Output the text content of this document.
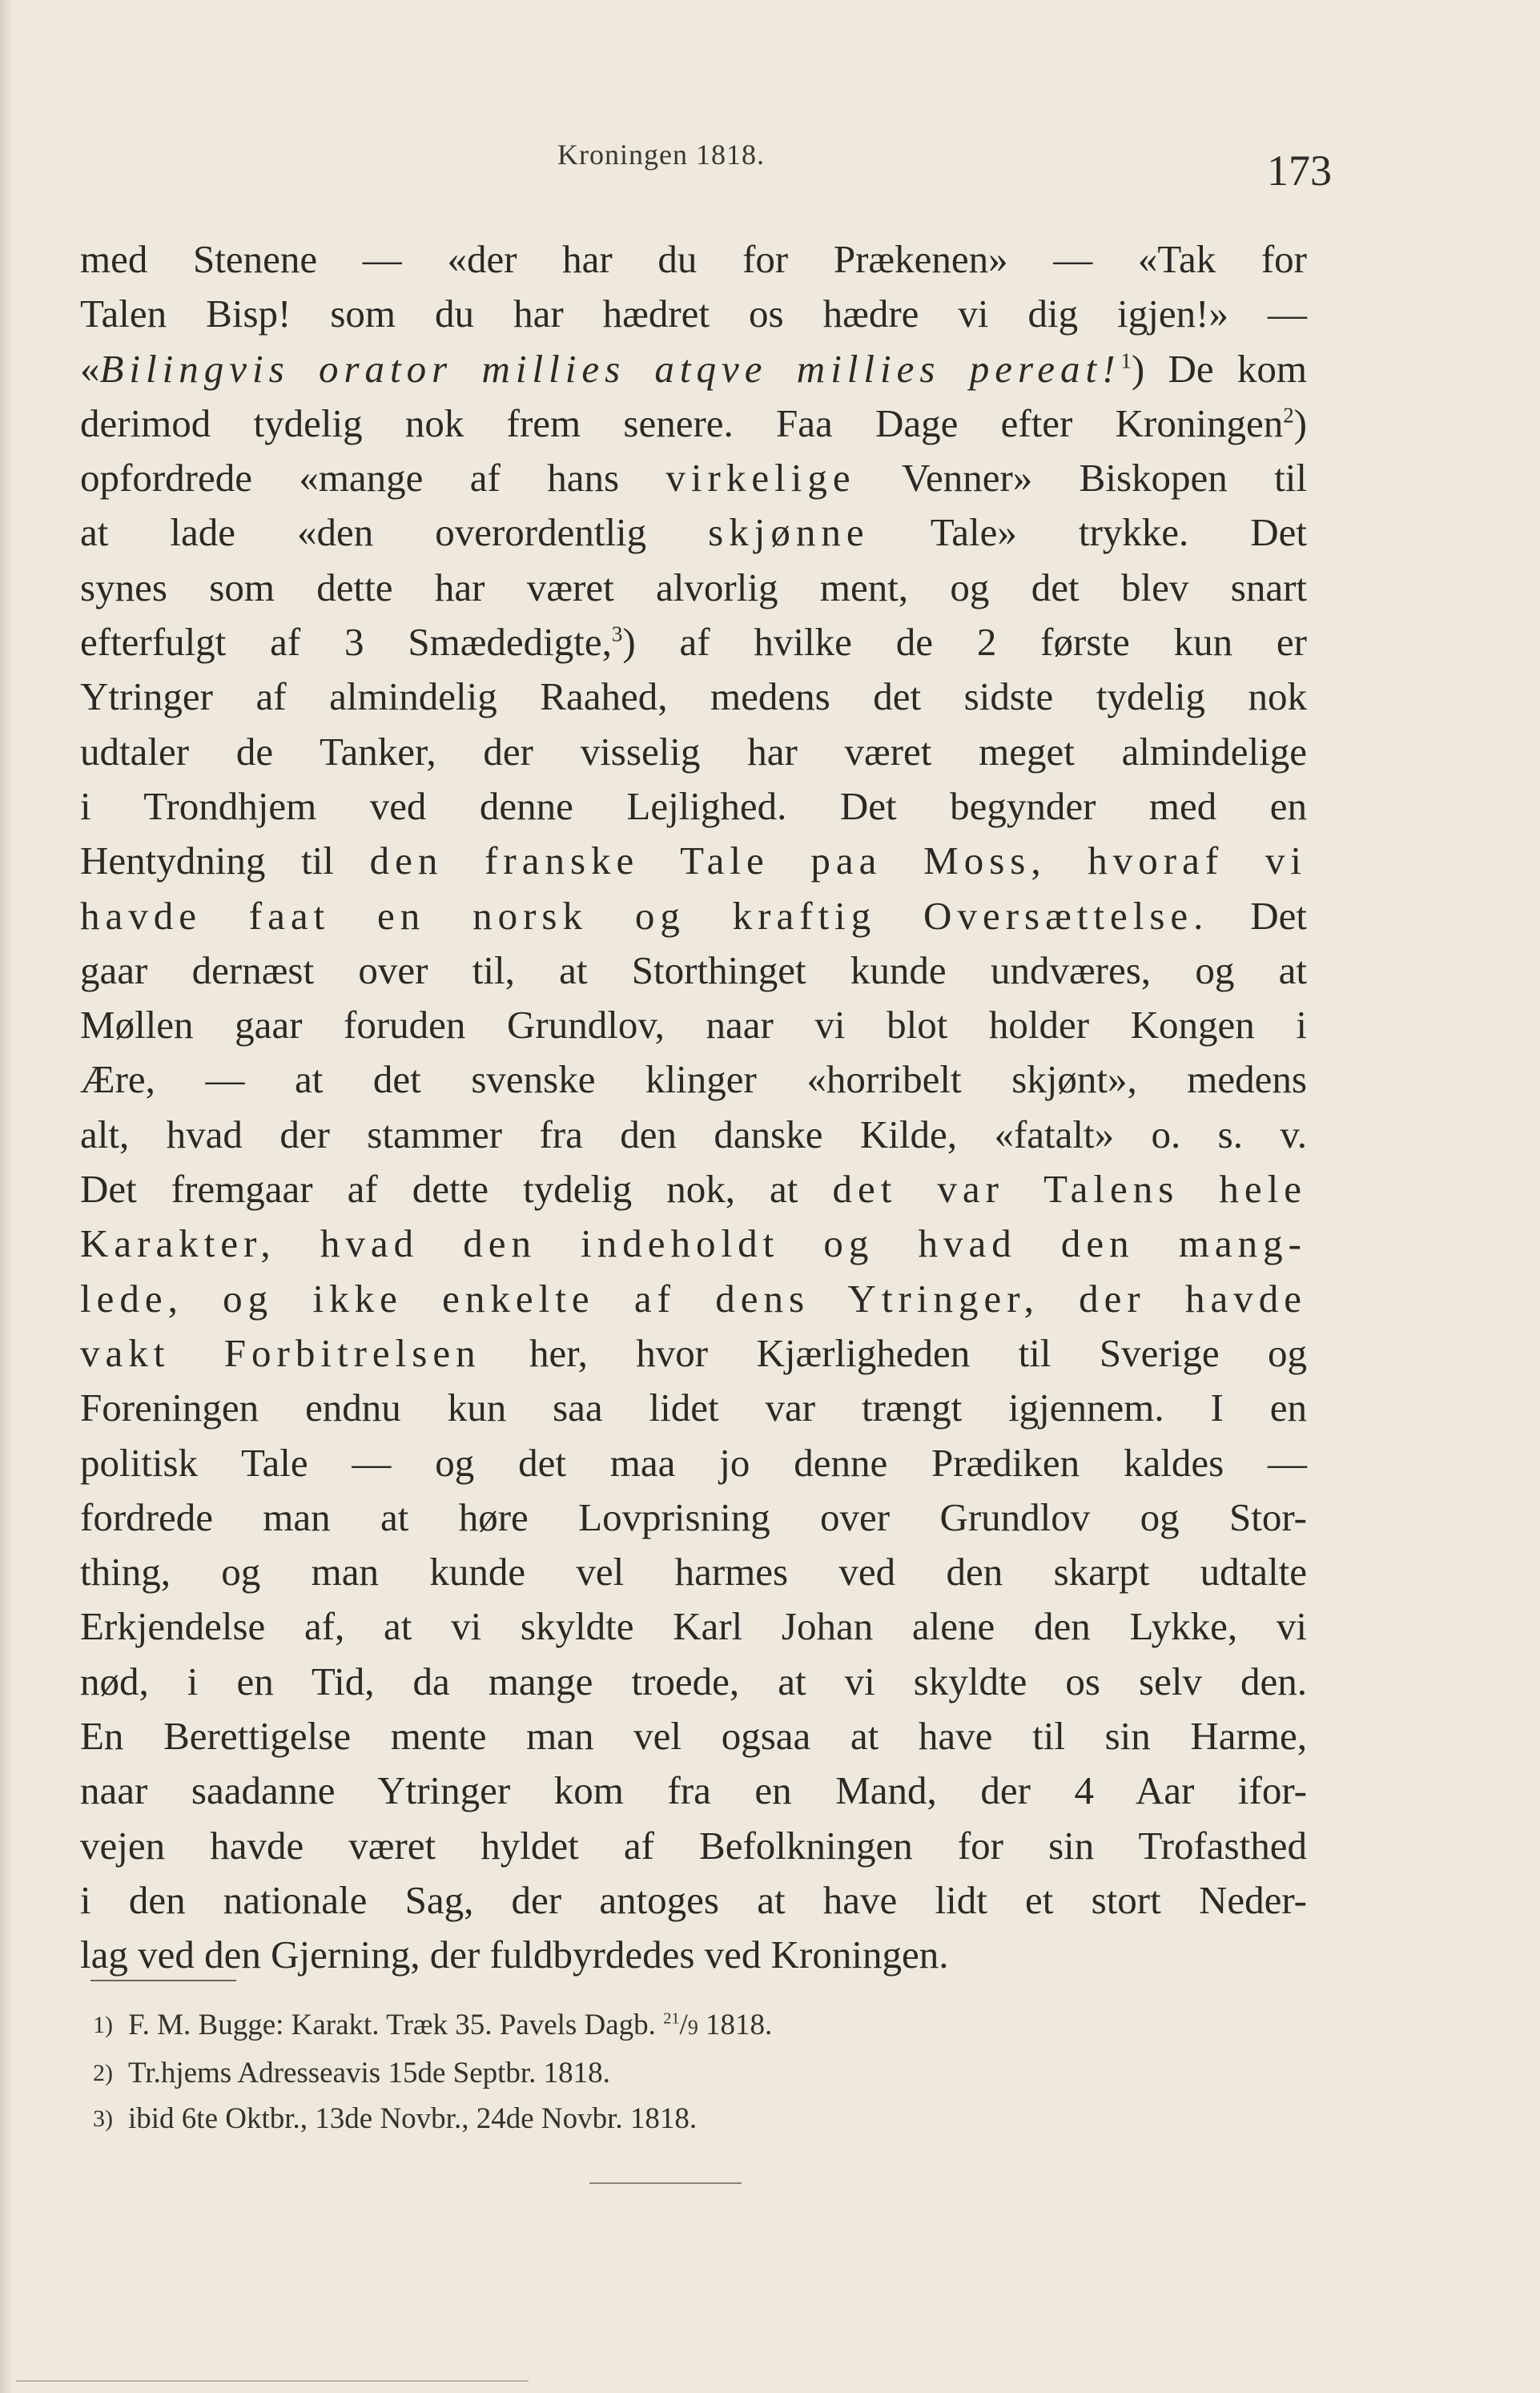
Kroningen 1818.	173
med Stenene — «der har du for Prækenen» — «Tak for
Talen Bisp! som du har hædret os hædre vi dig igjen!» —
«Bilingvis orator millies atqve millies pereat!$^1$) De kom
derimod tydelig nok frem senere. Faa Dage efter Kroningen$^2$)
opfordrede «mange af hans virkelige Venner» Biskopen til
at lade «den overordentlig skjønne Tale» trykke. Det
synes som dette har været alvorlig ment, og det blev snart
efterfulgt af 3 Smædedigte,$^3$) af hvilke de 2 første kun er
Ytringer af almindelig Raahed, medens det sidste tydelig nok
udtaler de Tanker, der visselig har været meget almindelige
i Trondhjem ved denne Lejlighed. Det begynder med en
Hentydning til den franske Tale paa Moss, hvoraf vi
havde faat en norsk og kraftig Oversættelse. Det
gaar dernæst over til, at Storthinget kunde undværes, og at
Møllen gaar foruden Grundlov, naar vi blot holder Kongen i
Ære, — at det svenske klinger «horribelt skjønt», medens
alt, hvad der stammer fra den danske Kilde, «fatalt» o. s. v.
Det fremgaar af dette tydelig nok, at det var Talens hele
Karakter, hvad den indeholdt og hvad den mang-
lede, og ikke enkelte af dens Ytringer, der havde
vakt Forbitrelsen her, hvor Kjærligheden til Sverige og
Foreningen endnu kun saa lidet var trængt igjennem. I en
politisk Tale — og det maa jo denne Prædiken kaldes —
fordrede man at høre Lovprisning over Grundlov og Stor-
thing, og man kunde vel harmes ved den skarpt udtalte
Erkjendelse af, at vi skyldte Karl Johan alene den Lykke, vi
nød, i en Tid, da mange troede, at vi skyldte os selv den.
En Berettigelse mente man vel ogsaa at have til sin Harme,
naar saadanne Ytringer kom fra en Mand, der 4 Aar ifor-
vejen havde været hyldet af Befolkningen for sin Trofasthed
i den nationale Sag, der antoges at have lidt et stort Neder-
lag ved den Gjerning, der fuldbyrdedes ved Kroningen.
1) F. M. Bugge: Karakt. Træk 35. Pavels Dagb. $^{21}$/9 1818.
2) Tr.hjems Adresseavis 15de Septbr. 1818.
3) ibid 6te Oktbr., 13de Novbr., 24de Novbr. 1818.
